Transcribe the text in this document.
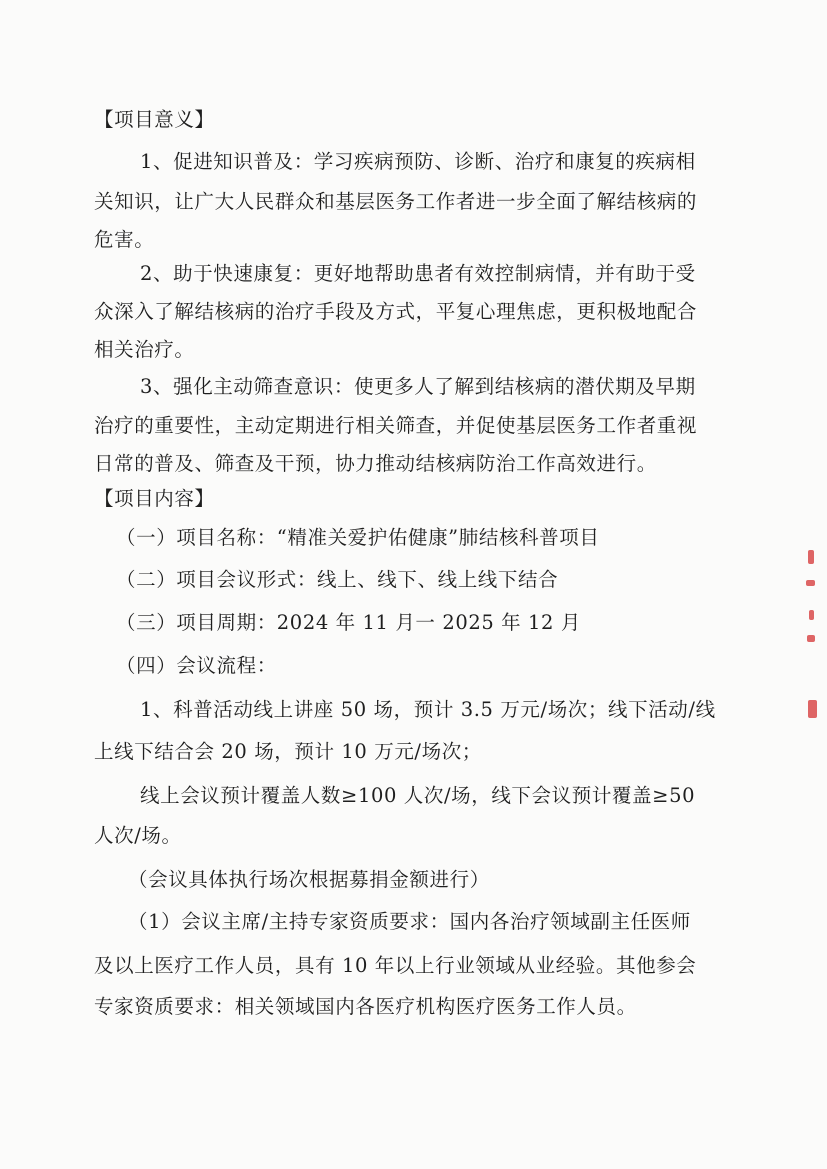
【项目意义】
1、促进知识普及：学习疾病预防、诊断、治疗和康复的疾病相
关知识，让广大人民群众和基层医务工作者进一步全面了解结核病的
危害。
2、助于快速康复：更好地帮助患者有效控制病情，并有助于受
众深入了解结核病的治疗手段及方式，平复心理焦虑，更积极地配合
相关治疗。
3、强化主动筛查意识：使更多人了解到结核病的潜伏期及早期
治疗的重要性，主动定期进行相关筛查，并促使基层医务工作者重视
日常的普及、筛查及干预，协力推动结核病防治工作高效进行。
【项目内容】
（一）项目名称：“精准关爱护佑健康”肺结核科普项目
（二）项目会议形式：线上、线下、线上线下结合
（三）项目周期：2024 年 11 月一 2025 年 12 月
（四）会议流程：
1、科普活动线上讲座 50 场，预计 3.5 万元/场次；线下活动/线
上线下结合会 20 场，预计 10 万元/场次；
线上会议预计覆盖人数≥100 人次/场，线下会议预计覆盖≥50
人次/场。
（会议具体执行场次根据募捐金额进行）
（1）会议主席/主持专家资质要求：国内各治疗领域副主任医师
及以上医疗工作人员，具有 10 年以上行业领域从业经验。其他参会
专家资质要求：相关领域国内各医疗机构医疗医务工作人员。
